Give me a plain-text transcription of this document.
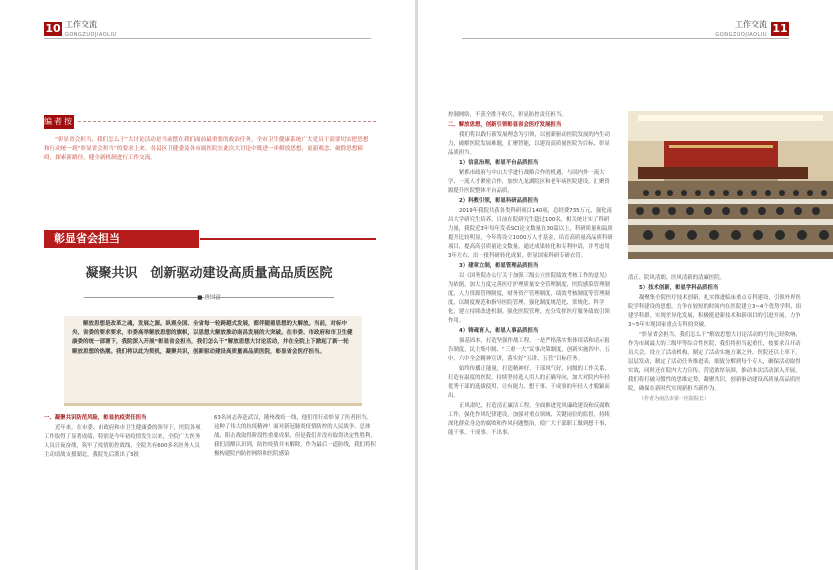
10 工作交流
GONGZUOJIAOLIU
编者按
“彰显省会担当，我们怎么干”大讨论活动是当前摆在我们面前最重要的政治任务，全市卫生健康系统广大党员干部要切实把思想和行动统一到“彰显省会担当”的要求上来。各县区卫健委及各市属医院在此次大讨论中既进一步解放思想、更新观念、破除思想障碍，探索新路径，健全新机制进行工作交流。
彰显省会担当
凝聚共识　创新驱动建设高质量高品质医院
■ 唐国富
解放思想是改革之魂，发展之源。纵观全国、全省每一轮跨越式发展，都伴随着思想的大解放。当前，对标中央、省委的要求要求，市委高举解放思想的旗帜，以思想大解放推动南昌发展的大突破。在市委、市政府和市卫生健康委的统一部署下，我院深入开展“彰显省会担当，我们怎么干”解放思想大讨论活动，并在全院上下掀起了新一轮解放思想的热潮。我们将以此为契机，凝聚共识，创新驱动建设高质量高品质医院，彰显省会医疗担当。

一、凝聚共识防范风险，彰显抗疫责任担当

近年来，在市委、市政府和市卫生健康委的领导下，医院各项工作取得了显著成绩，特别是今年初疫情发生以来，全院广大医务人员日夜奋战，筑牢了疫情防控战线，全院共有600多名医务人员主动请战支援湖北，我院先后派出了5批

63名同志奔赴武汉，随州战疫一线，他们用行动彰显了医者担当。这种了伟大的抗疫精神！面对新冠肺炎疫情防控的人民战争、总体战、阻击战取得阶段性重要成果，但是我们并没有取得决定性胜利，我们清醒认识到，防控疫情并未解除，作为最后一道防线，我们将积极构建院内防控网络和医院感染

11
工作交流
GONGZUOJIAOLIU

控制网络，不获全胜不收兵，彰显防控责任担当。

二、解放思想，创新引领彰显省会医疗发展担当

我们将以践行新发展理念为引领，以创新驱动医院发展的内生动力，破解医院发展难题，汇聚智能，以建设高质量医院为目标，彰显品质担当。

1）信息治理，彰显平台品质担当

紧抓市政府与中山大学进行战略合作的机遇，与国内外一流大学、一流人才紧密合作，加快九龙湖院区和老年病医院建设，汇聚资源提升医院整体平台品质。

2）科教引领，彰显科研品质担当

2019年我院共获各类科研项目140项，总经费735万元，强化南昌大学研究生培养，目前在院研究生超过100名，相关统计实了科研力量，我院近3年每年发表SCI论文数量在30篇以上，科研质量和温质提升比较明显，今年将设立1000万人才基金，培育高质量高品质科研项目，提高高引质量论文数量，通过成果转化和专利申请，并考虑用3年左右，出一批科研转化成果，彰显国家科研专研衣管。

3）建章立制，彰显管理品质担当

以《国务院办公厅关于加强三级公立医院绩效考核工作的意见》为依据，加大力度完善医疗护理质量安全管理制度，医院感染管理制度，人力资源管理制度，财务资产管理制度，绩效考核制度等管理制度，以制度规范和指导医院管理，强化制度规范化、常规化、科学化，建立持续改进机制。强化医院管理，充分发挥医疗服务绩效引领作用。

4）铸魂育人，彰显人事品质担当

强基固本，打造坚强作战工程，一是严格落实集体谈话和请示报告制度，民主集中制、“三重一大”议事决策制度，创新实施四中、五中、六中全会精神宣讲，落实好“五讲、五管”目标任务。

始终传播正能量，打造精神好、干部风气好、同级的工作关系，打造有温度的医院。持续坚持选人用人的正确导向，加大对院内年轻优秀干部的选拔使用，让有能力、想干事、干成事的年轻人才脱颖而出。

正风肃纪，打造清正廉洁工程，全面推进党风廉政建设和反腐败工作，强化作风纪律建设，加强对重点领域、关键岗位的监督，持续深化群众身边的腐败和作风问题整治，使广大干部职工做到想干事、能干事、干成事、不出事。

清正、院风清朗、医风清新的清廉医院。

5）技术创新，彰显学科品质担当

凝聚集全院医疗技术创新，扎实推进临床重点专科建设，引领外界医院学科建设的思想，力争在较短的时间内在医院建立3~4个优势学科，组建学科群，实现差异化发展，积极挺进新技术和新项目的引进开展，力争3~5年实现国家重点专科的突破。

“彰显省会担当，我们怎么干”解放思想大讨论活动的号角已经吹响，作为市属最大的三级甲等综合性医院，我们将担当起重任，按要求召开动员大会，设立了活动机构，制定了活动实施方案之外，医院还以上率下，层层发动，制定了活动任务推进表，细致分解到每个专人，确保活动取得实效，同时还在院内大力宣传、营造浓厚氛围，推动本次活动深入开展。我们将打破习惯性的思维定势，凝聚共识，创新驱动建设高质量高品质医院，确保在新时代实现新担当新作为。

（作者为南昌市第一医院院长）
